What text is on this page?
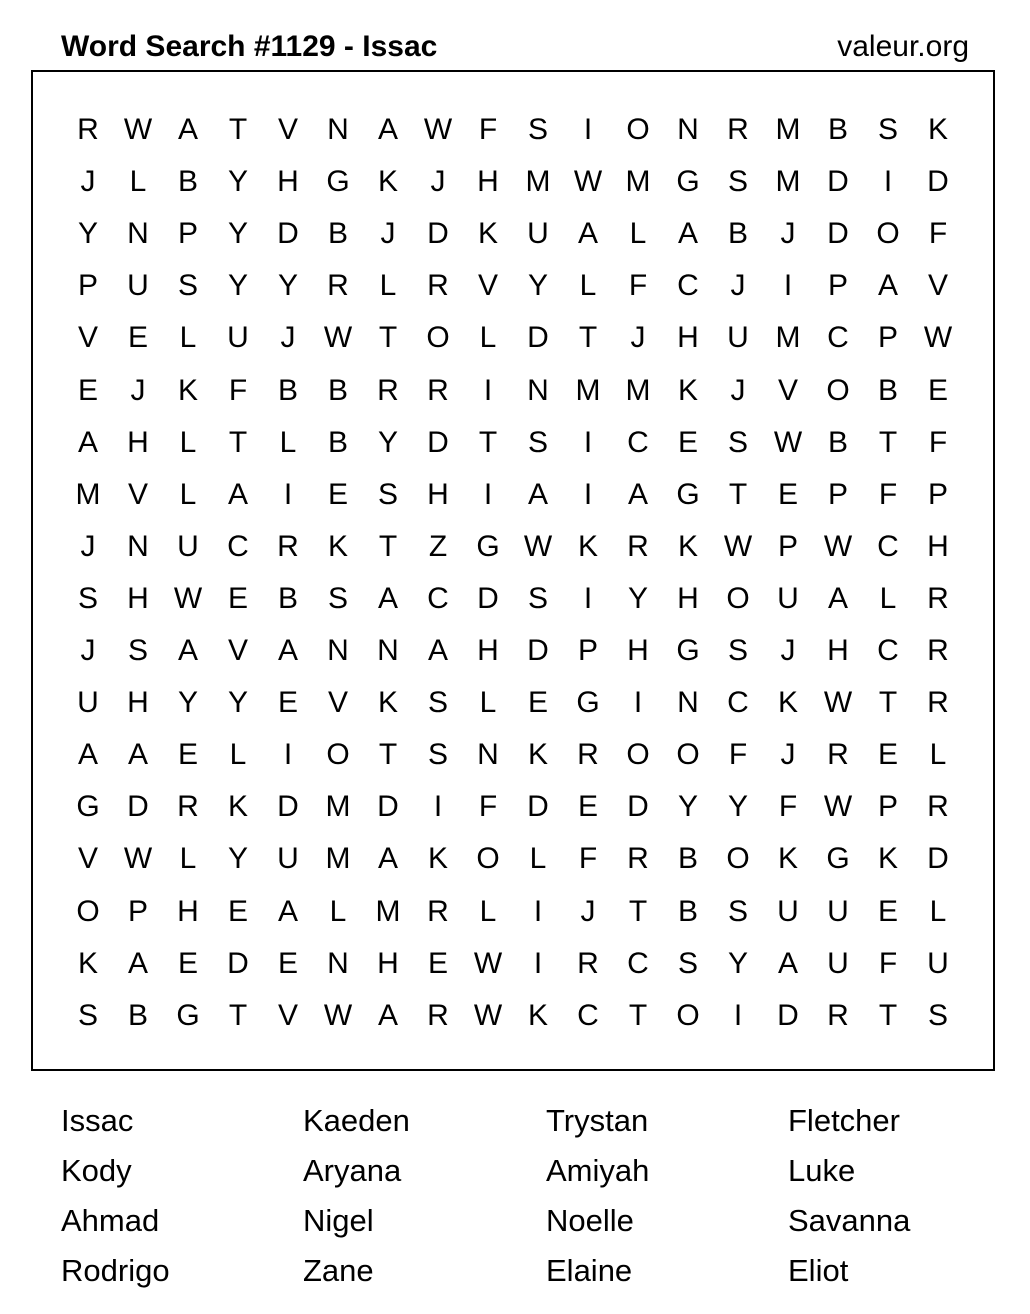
Word Search #1129 - Issac	valeur.org
R W A	T	V N A W F	S	I	O N R M B S K
J	L	B Y H G K	J	H M W M G S M D	I	D
Y N P Y D B	J	D K U A	L	A B	J	D O F
P U S Y Y R	L	R V Y	L	F	C	J	I	P A V
V E	L	U	J W T O L	D	T	J	H U M C P W
E	J	K	F	B B R R	I	N M M K	J	V O B E
A H	L	T	L	B Y D	T	S	I	C E S W B	T	F
M V	L	A	I	E S H	I	A	I	A G T	E P	F	P
J	N U C R K	T	Z G W K R K W P W C H
S H W E B S A C D S	I	Y H O U A	L	R
J	S A V A N N A H D P H G S	J	H C R
U H Y Y E V K S	L	E G	I	N C K W T	R
A A E	L	I	O T	S N K R O O F	J	R E	L
G D R K D M D	I	F	D E D Y Y	F W P R
V W L	Y U M A K O L	F	R B O K G K D
O P H E A	L M R	L	I	J	T	B S U U E	L
K A E D E N H E W	I	R C S Y A U	F	U
S B G T	V W A R W K C	T O	I	D R	T	S
Issac	Kaeden	Trystan	Fletcher
Kody	Aryana	Amiyah	Luke
Ahmad	Nigel	Noelle	Savanna
Rodrigo	Zane	Elaine	Eliot
